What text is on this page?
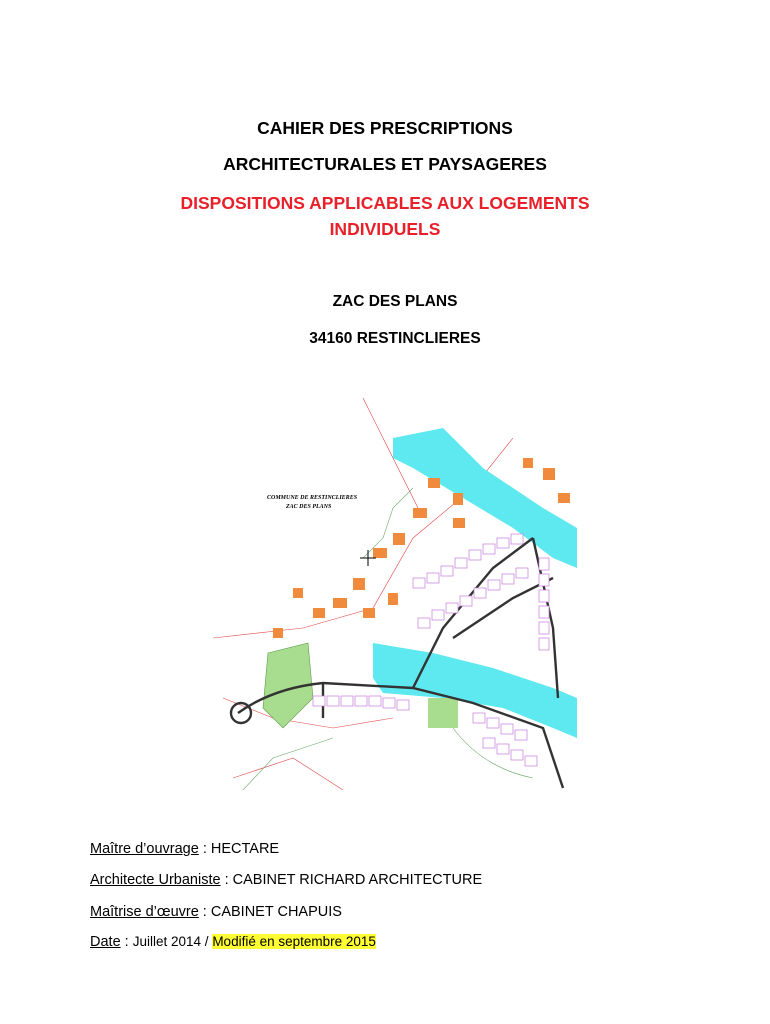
CAHIER DES PRESCRIPTIONS
ARCHITECTURALES ET PAYSAGERES
DISPOSITIONS APPLICABLES AUX LOGEMENTS
INDIVIDUELS
ZAC DES PLANS
34160 RESTINCLIERES
COMMUNE DE RESTINCLIERES
ZAC DES PLANS
Maître d’ouvrage : HECTARE
Architecte Urbaniste : CABINET RICHARD ARCHITECTURE
Maîtrise d’œuvre : CABINET CHAPUIS
Date : Juillet 2014 / Modifié en septembre 2015
